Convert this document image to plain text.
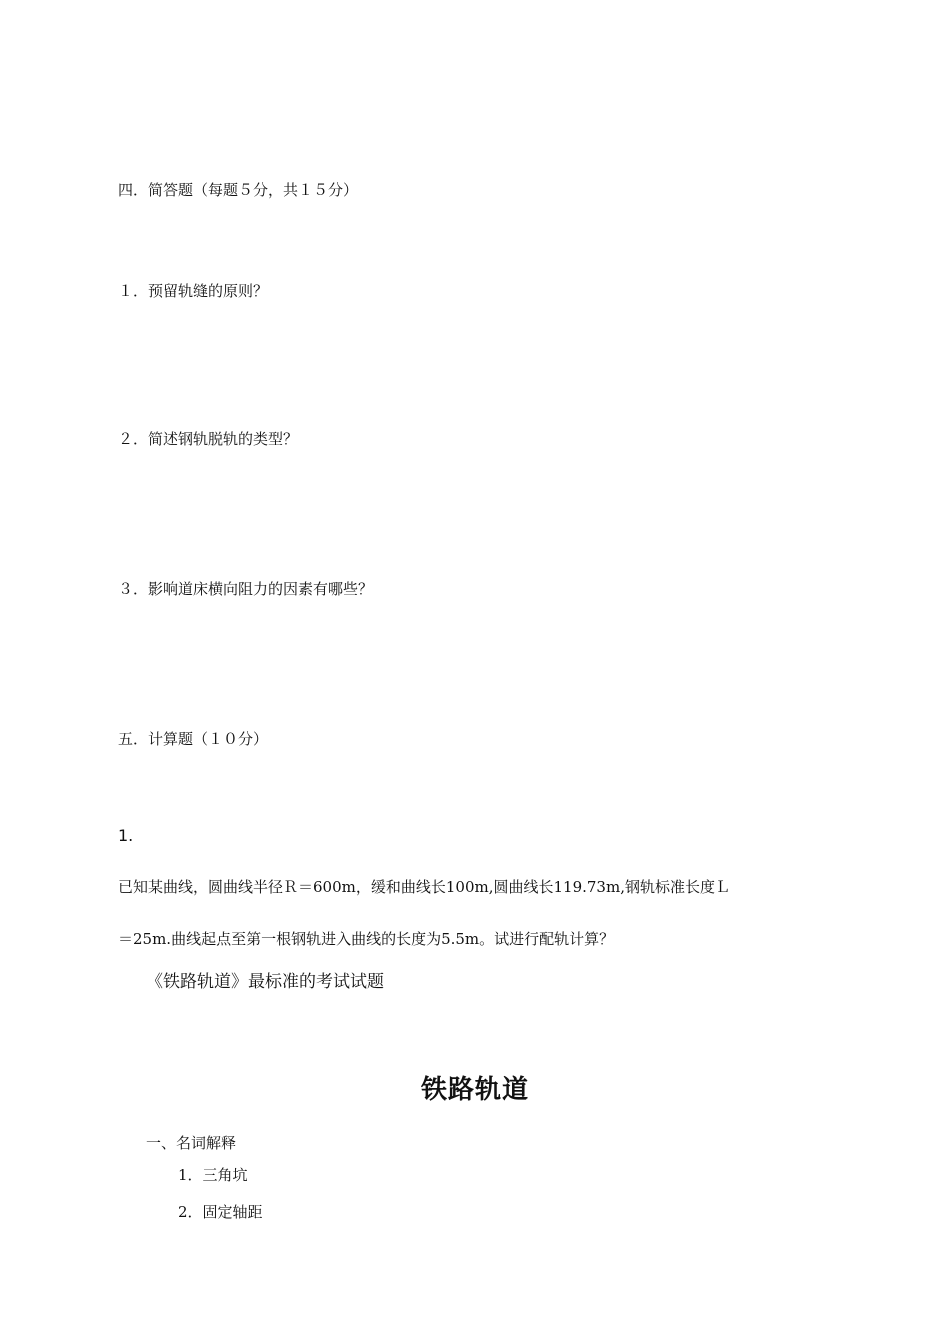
四．简答题（每题５分，共１５分）
１．预留轨缝的原则？
２．简述钢轨脱轨的类型？
３．影响道床横向阻力的因素有哪些？
五．计算题（１０分）
1.
已知某曲线，圆曲线半径Ｒ＝600m，缓和曲线长100m,圆曲线长119.73m,钢轨标准长度Ｌ
＝25m.曲线起点至第一根钢轨进入曲线的长度为5.5m。试进行配轨计算？
《铁路轨道》最标准的考试试题
铁路轨道
一、名词解释
1．三角坑
2．固定轴距
